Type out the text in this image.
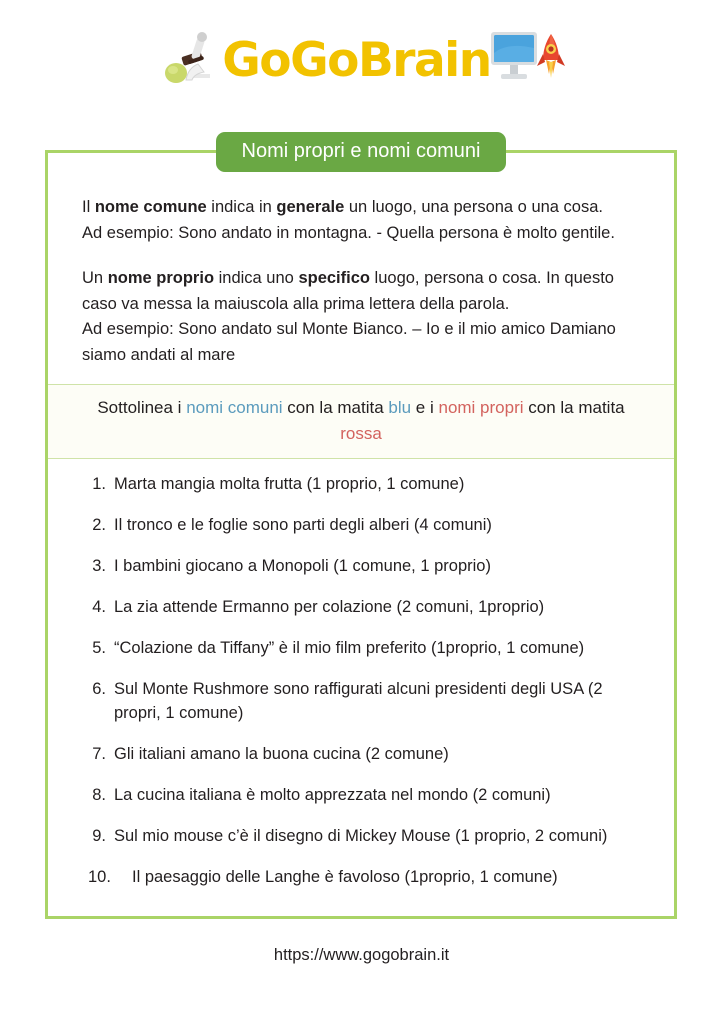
GoGoBrain
Nomi propri e nomi comuni

Il nome comune indica in generale un luogo, una persona o una cosa.
Ad esempio: Sono andato in montagna. - Quella persona è molto gentile.

Un nome proprio indica uno specifico luogo, persona o cosa. In questo caso va messa la maiuscola alla prima lettera della parola.
Ad esempio: Sono andato sul Monte Bianco. – Io e il mio amico Damiano siamo andati al mare

Sottolinea i nomi comuni con la matita blu e i nomi propri con la matita rossa
1. Marta mangia molta frutta (1 proprio, 1 comune)
2. Il tronco e le foglie sono parti degli alberi (4 comuni)
3. I bambini giocano a Monopoli (1 comune, 1 proprio)
4. La zia attende Ermanno per colazione (2 comuni, 1proprio)
5. “Colazione da Tiffany” è il mio film preferito (1proprio, 1 comune)
6. Sul Monte Rushmore sono raffigurati alcuni presidenti degli USA (2 propri, 1 comune)
7. Gli italiani amano la buona cucina (2 comune)
8. La cucina italiana è molto apprezzata nel mondo (2 comuni)
9. Sul mio mouse c’è il disegno di Mickey Mouse (1 proprio, 2 comuni)
10.	Il paesaggio delle Langhe è favoloso (1proprio, 1 comune)
https://www.gogobrain.it
